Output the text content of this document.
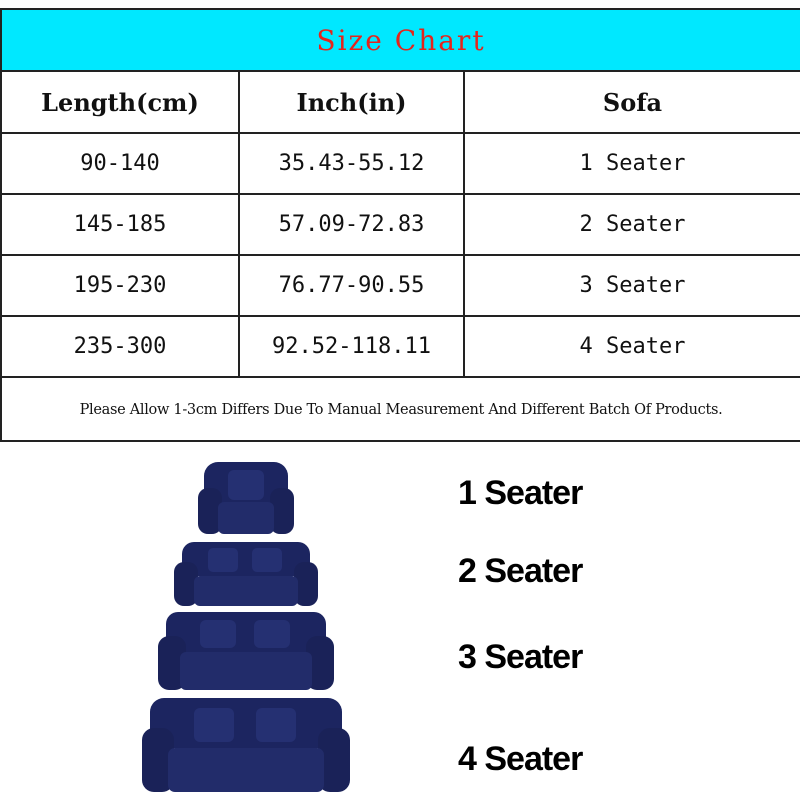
Size Chart
Length(cm)	Inch(in)	Sofa
90-140	35.43-55.12	1 Seater
145-185	57.09-72.83	2 Seater
195-230	76.77-90.55	3 Seater
235-300	92.52-118.11	4 Seater
Please Allow 1-3cm Differs Due To Manual Measurement And Different Batch Of Products.
1 Seater
2 Seater
3 Seater
4 Seater
